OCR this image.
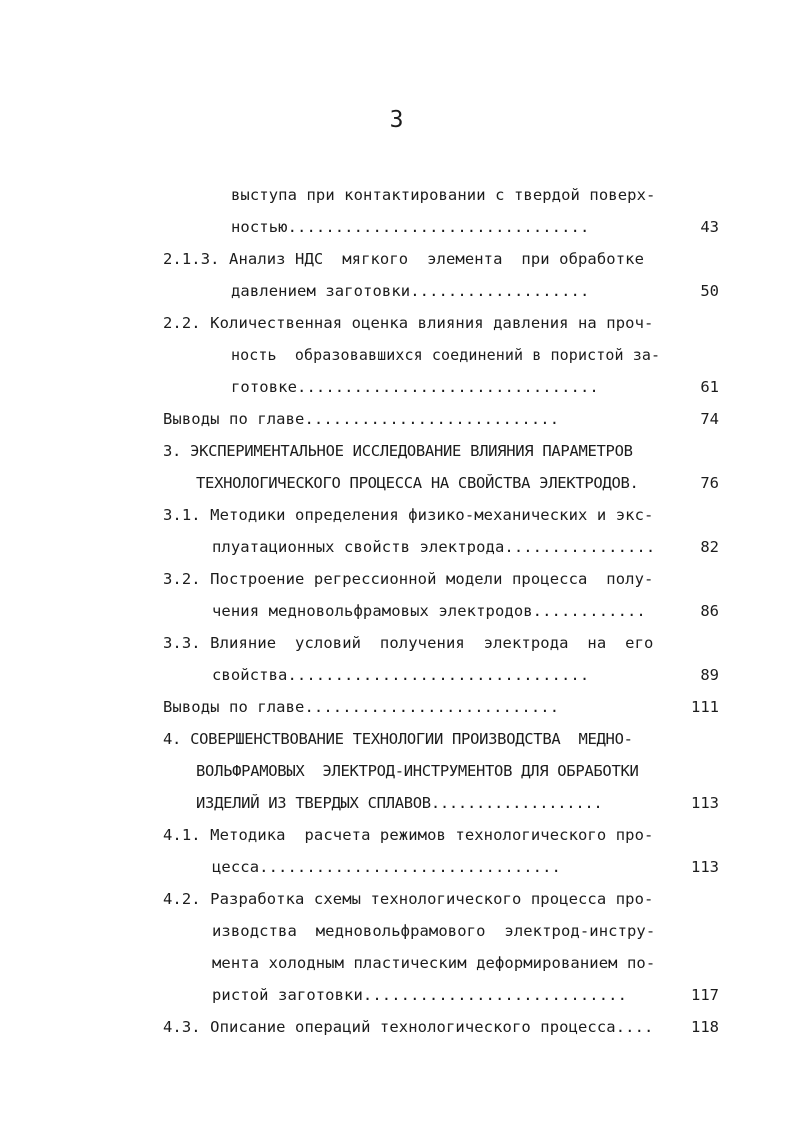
3
выступа при контактировании с твердой поверх-
ностью................................	43
2.1.3. Анализ НДС  мягкого  элемента  при обработке
давлением заготовки...................	50
2.2. Количественная оценка влияния давления на проч-
ность  образовавшихся соединений в пористой за-
готовке................................	61
Выводы по главе...........................	74
3. ЭКСПЕРИМЕНТАЛЬНОЕ ИССЛЕДОВАНИЕ ВЛИЯНИЯ ПАРАМЕТРОВ
ТЕХНОЛОГИЧЕСКОГО ПРОЦЕССА НА СВОЙСТВА ЭЛЕКТРОДОВ.	76
3.1. Методики определения физико-механических и экс-
плуатационных свойств электрода................	82
3.2. Построение регрессионной модели процесса  полу-
чения медновольфрамовых электродов............	86
3.3. Влияние  условий  получения  электрода  на  его
свойства................................	89
Выводы по главе...........................	111
4. СОВЕРШЕНСТВОВАНИЕ ТЕХНОЛОГИИ ПРОИЗВОДСТВА  МЕДНО-
ВОЛЬФРАМОВЫХ  ЭЛЕКТРОД-ИНСТРУМЕНТОВ ДЛЯ ОБРАБОТКИ
ИЗДЕЛИЙ ИЗ ТВЕРДЫХ СПЛАВОВ...................	113
4.1. Методика  расчета режимов технологического про-
цесса................................	113
4.2. Разработка схемы технологического процесса про-
изводства  медновольфрамового  электрод-инстру-
мента холодным пластическим деформированием по-
ристой заготовки............................	117
4.3. Описание операций технологического процесса.... 118
